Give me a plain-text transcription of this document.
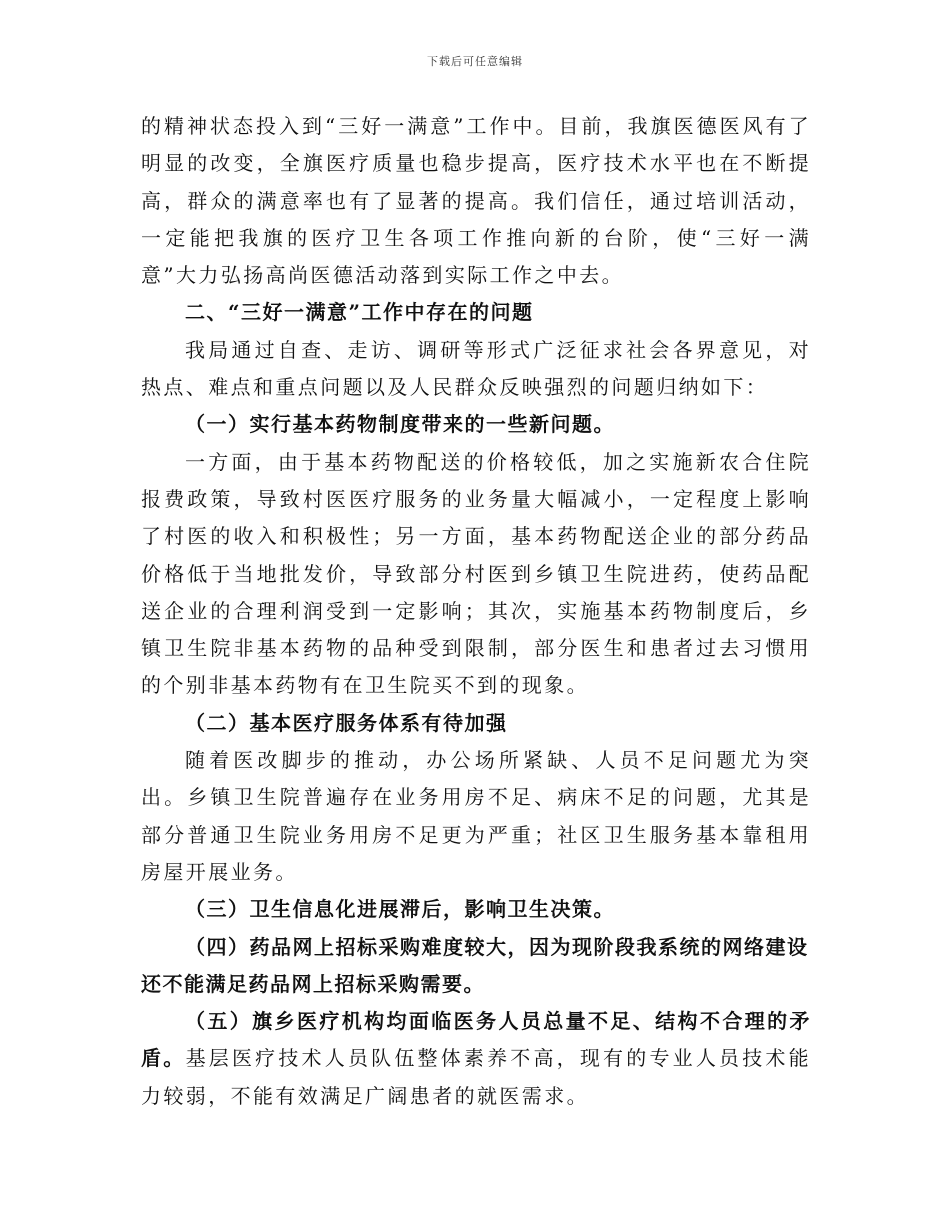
下载后可任意编辑

的精神状态投入到“三好一满意”工作中。目前，我旗医德医风有了明显的改变，全旗医疗质量也稳步提高，医疗技术水平也在不断提高，群众的满意率也有了显著的提高。我们信任，通过培训活动，一定能把我旗的医疗卫生各项工作推向新的台阶，使“三好一满意”大力弘扬高尚医德活动落到实际工作之中去。

二、“三好一满意”工作中存在的问题

我局通过自查、走访、调研等形式广泛征求社会各界意见，对热点、难点和重点问题以及人民群众反映强烈的问题归纳如下：

（一）实行基本药物制度带来的一些新问题。

一方面，由于基本药物配送的价格较低，加之实施新农合住院报费政策，导致村医医疗服务的业务量大幅减小，一定程度上影响了村医的收入和积极性；另一方面，基本药物配送企业的部分药品价格低于当地批发价，导致部分村医到乡镇卫生院进药，使药品配送企业的合理利润受到一定影响；其次，实施基本药物制度后，乡镇卫生院非基本药物的品种受到限制，部分医生和患者过去习惯用的个别非基本药物有在卫生院买不到的现象。

（二）基本医疗服务体系有待加强

随着医改脚步的推动，办公场所紧缺、人员不足问题尤为突出。乡镇卫生院普遍存在业务用房不足、病床不足的问题，尤其是部分普通卫生院业务用房不足更为严重；社区卫生服务基本靠租用房屋开展业务。

（三）卫生信息化进展滞后，影响卫生决策。

（四）药品网上招标采购难度较大，因为现阶段我系统的网络建设还不能满足药品网上招标采购需要。

（五）旗乡医疗机构均面临医务人员总量不足、结构不合理的矛盾。基层医疗技术人员队伍整体素养不高，现有的专业人员技术能力较弱，不能有效满足广阔患者的就医需求。
